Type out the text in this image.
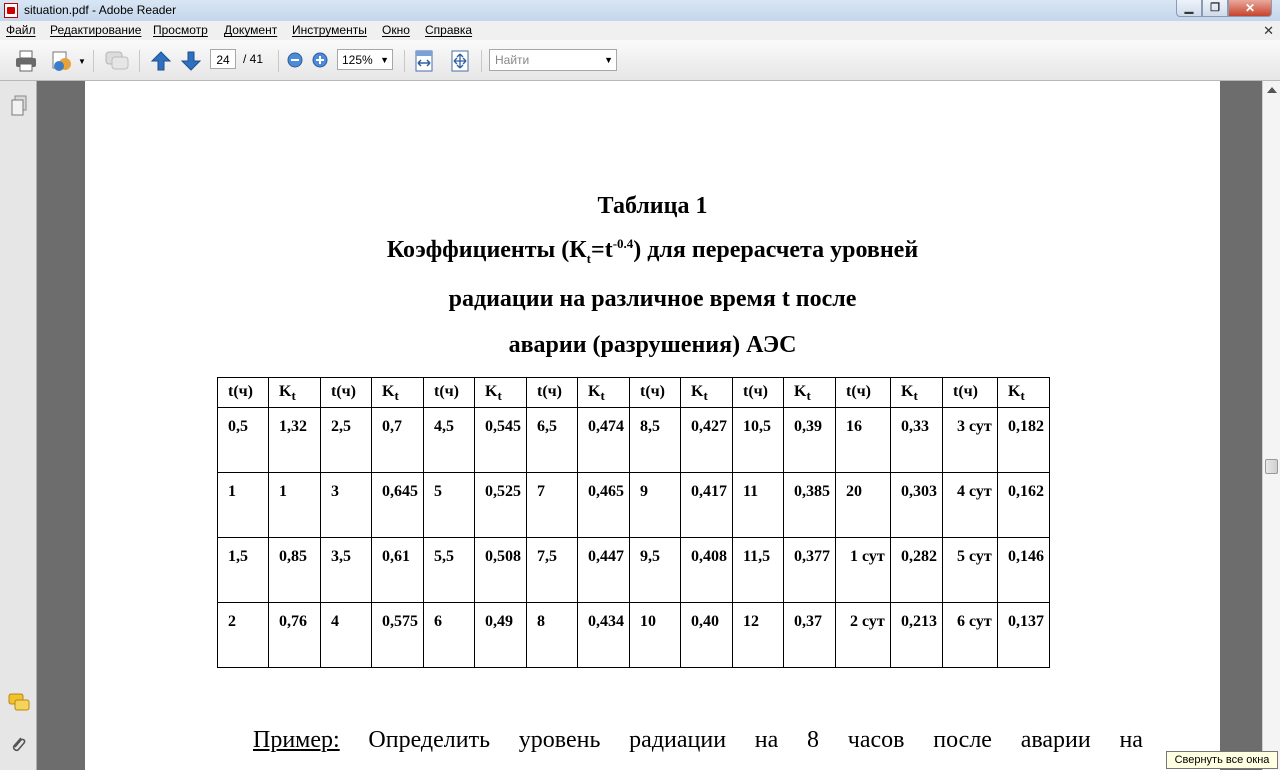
situation.pdf - Adobe Reader	▁	❐	✕
Файл Редактирование Просмотр Документ Инструменты Окно Справка	✕
▼	24	/ 41	125% ▼	Найти	▼
Таблица 1
Коэффициенты $(К_t=t^{-0.4})$ для перерасчета уровней
радиации на различное время t после
аварии (разрушения) АЭС
t(ч)	$K_t$	t(ч)	$K_t$	t(ч)	$K_t$	t(ч)	$K_t$	t(ч)	$K_t$	t(ч)	$K_t$	t(ч)	$K_t$	t(ч)	$K_t$
0,5	1,32	2,5	0,7	4,5	0,545	6,5	0,474	8,5	0,427	10,5	0,39	16	0,33	3 сут	0,182
1	1	3	0,645	5	0,525	7	0,465	9	0,417	11	0,385	20	0,303	4 сут	0,162
1,5	0,85	3,5	0,61	5,5	0,508	7,5	0,447	9,5	0,408	11,5	0,377	1 сут	0,282	5 сут	0,146
2	0,76	4	0,575	6	0,49	8	0,434	10	0,40	12	0,37	2 сут	0,213	6 сут	0,137
Пример: Определить уровень радиации на 8 часов после аварии на
Свернуть все окна
